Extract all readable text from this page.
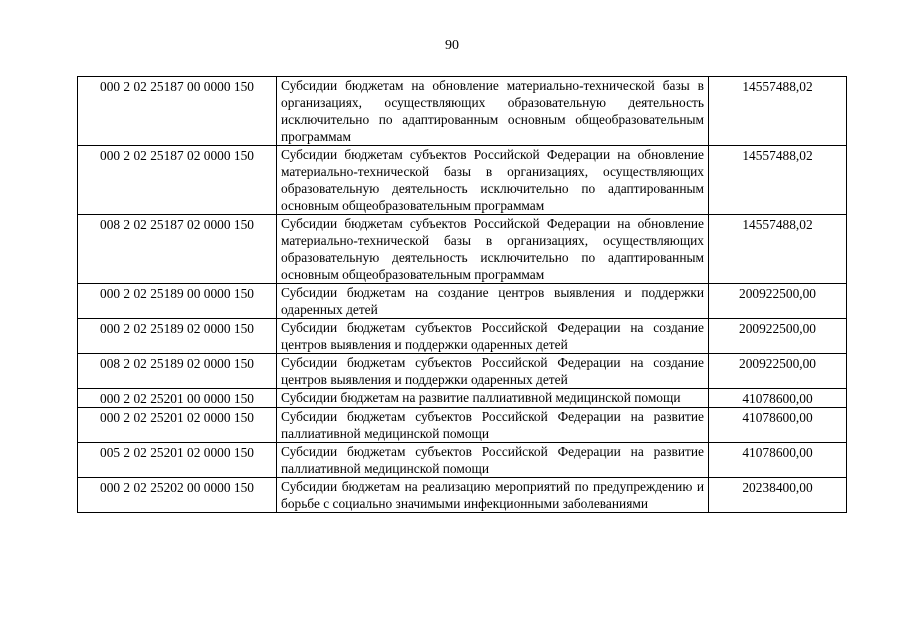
90
000 2 02 25187 00 0000 150	Субсидии бюджетам на обновление материально-технической базы в организациях, осуществляющих образовательную деятельность исключительно по адаптированным основным общеобразовательным программам	14557488,02
000 2 02 25187 02 0000 150	Субсидии бюджетам субъектов Российской Федерации на обновление материально-технической базы в организациях, осуществляющих образовательную деятельность исключительно по адаптированным основным общеобразовательным программам	14557488,02
008 2 02 25187 02 0000 150	Субсидии бюджетам субъектов Российской Федерации на обновление материально-технической базы в организациях, осуществляющих образовательную деятельность исключительно по адаптированным основным общеобразовательным программам	14557488,02
000 2 02 25189 00 0000 150	Субсидии бюджетам на создание центров выявления и поддержки одаренных детей	200922500,00
000 2 02 25189 02 0000 150	Субсидии бюджетам субъектов Российской Федерации на создание центров выявления и поддержки одаренных детей	200922500,00
008 2 02 25189 02 0000 150	Субсидии бюджетам субъектов Российской Федерации на создание центров выявления и поддержки одаренных детей	200922500,00
000 2 02 25201 00 0000 150	Субсидии бюджетам на развитие паллиативной медицинской помощи	41078600,00
000 2 02 25201 02 0000 150	Субсидии бюджетам субъектов Российской Федерации на развитие паллиативной медицинской помощи	41078600,00
005 2 02 25201 02 0000 150	Субсидии бюджетам субъектов Российской Федерации на развитие паллиативной медицинской помощи	41078600,00
000 2 02 25202 00 0000 150	Субсидии бюджетам на реализацию мероприятий по предупреждению и борьбе с социально значимыми инфекционными заболеваниями	20238400,00
